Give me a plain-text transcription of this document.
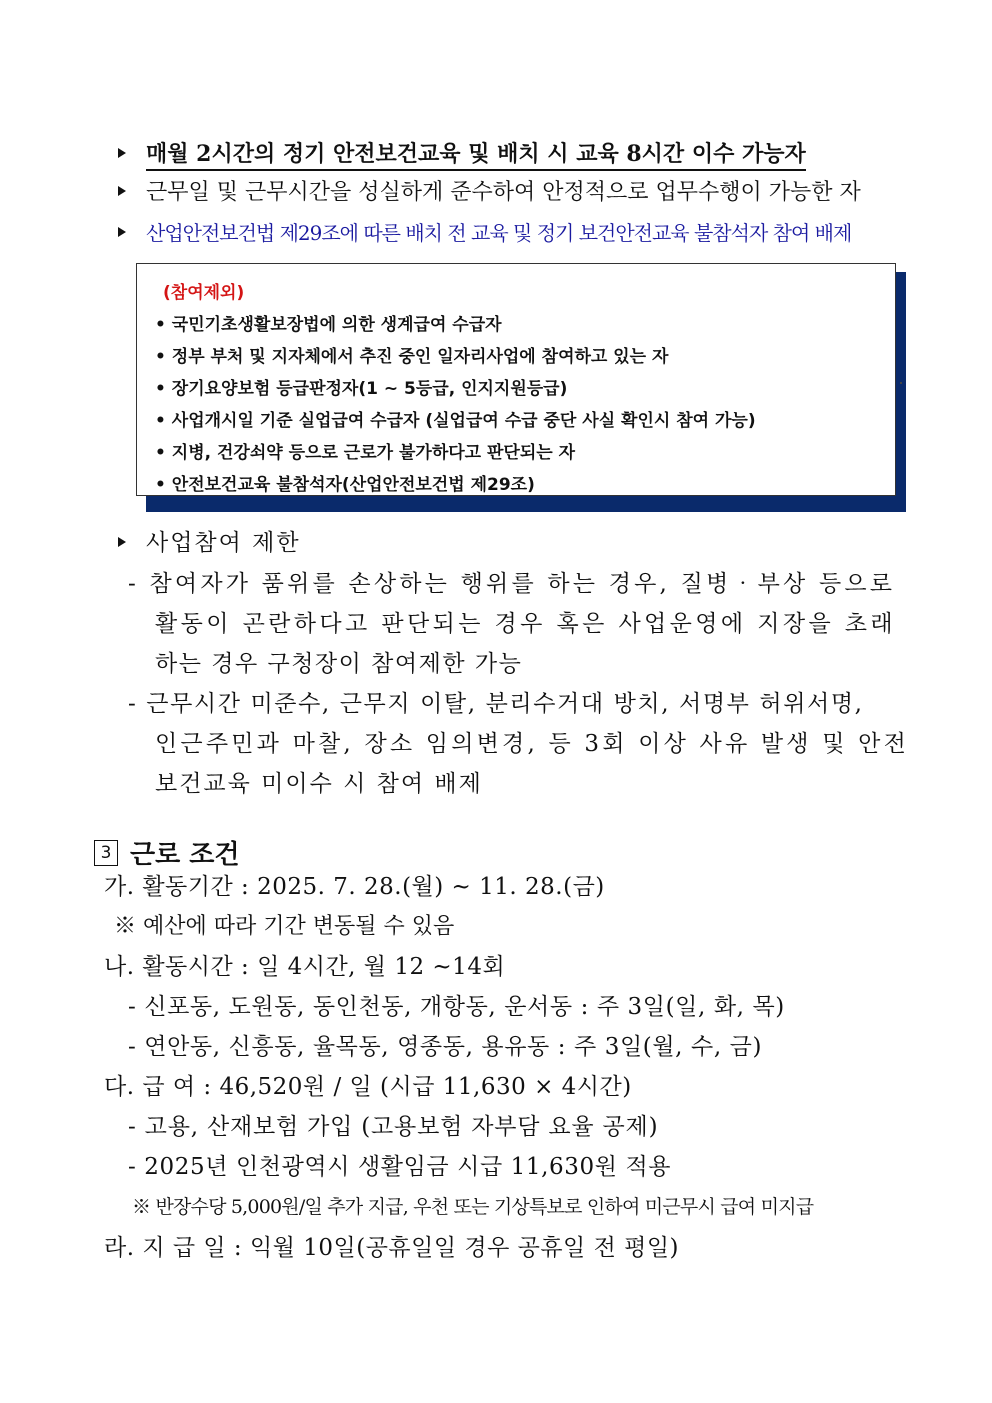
매월 2시간의 정기 안전보건교육 및 배치 시 교육 8시간 이수 가능자
근무일 및 근무시간을 성실하게 준수하여 안정적으로 업무수행이 가능한 자
산업안전보건법 제29조에 따른 배치 전 교육 및 정기 보건안전교육 불참석자 참여 배제
(참여제외)
• 국민기초생활보장법에 의한 생계급여 수급자
• 정부 부처 및 지자체에서 추진 중인 일자리사업에 참여하고 있는 자
• 장기요양보험 등급판정자(1 ~ 5등급, 인지지원등급)
• 사업개시일 기준 실업급여 수급자 (실업급여 수급 중단 사실 확인시 참여 가능)
• 지병, 건강쇠약 등으로 근로가 불가하다고 판단되는 자
• 안전보건교육 불참석자(산업안전보건법 제29조)
사업참여 제한
- 참여자가 품위를 손상하는 행위를 하는 경우, 질병‧부상 등으로
활동이 곤란하다고 판단되는 경우 혹은 사업운영에 지장을 초래
하는 경우 구청장이 참여제한 가능
- 근무시간 미준수, 근무지 이탈, 분리수거대 방치, 서명부 허위서명,
인근주민과 마찰, 장소 임의변경, 등 3회 이상 사유 발생 및 안전
보건교육 미이수 시 참여 배제
3 근로 조건
가. 활동기간 : 2025. 7. 28.(월) ~ 11. 28.(금)
※ 예산에 따라 기간 변동될 수 있음
나. 활동시간 : 일 4시간, 월 12 ~14회
- 신포동, 도원동, 동인천동, 개항동, 운서동 : 주 3일(일, 화, 목)
- 연안동, 신흥동, 율목동, 영종동, 용유동 : 주 3일(월, 수, 금)
다. 급 여 : 46,520원 / 일 (시급 11,630 × 4시간)
- 고용, 산재보험 가입 (고용보험 자부담 요율 공제)
- 2025년 인천광역시 생활임금 시급 11,630원 적용
※ 반장수당 5,000원/일 추가 지급, 우천 또는 기상특보로 인하여 미근무시 급여 미지급
라. 지 급 일 : 익월 10일(공휴일일 경우 공휴일 전 평일)
